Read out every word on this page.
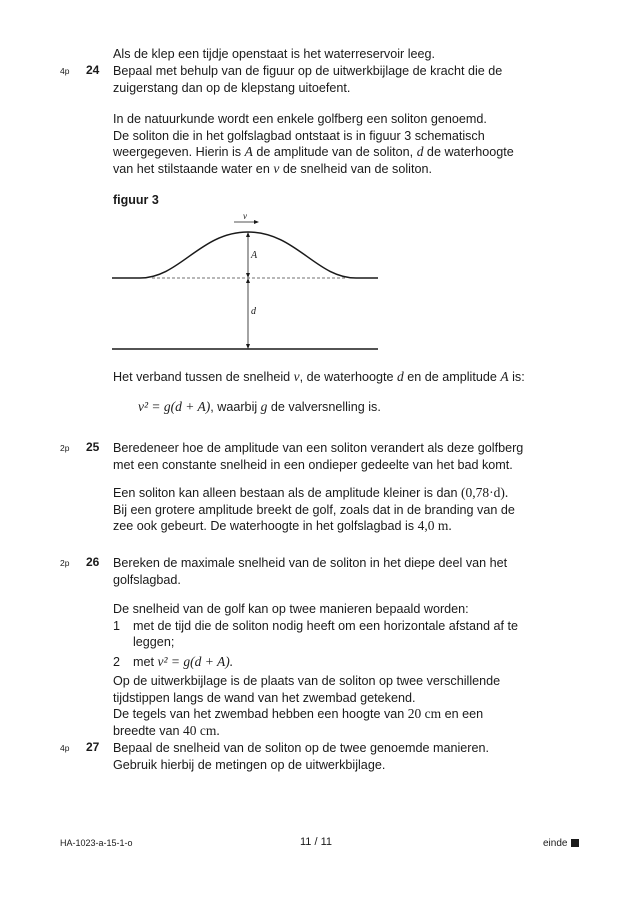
Als de klep een tijdje openstaat is het waterreservoir leeg.
4p 24 Bepaal met behulp van de figuur op de uitwerkbijlage de kracht die de
zuigerstang dan op de klepstang uitoefent.
In de natuurkunde wordt een enkele golfberg een soliton genoemd.
De soliton die in het golfslagbad ontstaat is in figuur 3 schematisch
weergegeven. Hierin is A de amplitude van de soliton, d de waterhoogte
van het stilstaande water en v de snelheid van de soliton.
figuur 3
v
A
d
Het verband tussen de snelheid v, de waterhoogte d en de amplitude A is:
v² = g(d + A), waarbij g de valversnelling is.
2p 25 Beredeneer hoe de amplitude van een soliton verandert als deze golfberg
met een constante snelheid in een ondieper gedeelte van het bad komt.
Een soliton kan alleen bestaan als de amplitude kleiner is dan (0,78·d).
Bij een grotere amplitude breekt de golf, zoals dat in de branding van de
zee ook gebeurt. De waterhoogte in het golfslagbad is 4,0 m.
2p 26 Bereken de maximale snelheid van de soliton in het diepe deel van het
golfslagbad.
De snelheid van de golf kan op twee manieren bepaald worden:
1	met de tijd die de soliton nodig heeft om een horizontale afstand af te
leggen;
2	met v² = g(d + A).
Op de uitwerkbijlage is de plaats van de soliton op twee verschillende
tijdstippen langs de wand van het zwembad getekend.
De tegels van het zwembad hebben een hoogte van 20 cm en een
breedte van 40 cm.
4p 27 Bepaal de snelheid van de soliton op de twee genoemde manieren.
Gebruik hierbij de metingen op de uitwerkbijlage.
HA-1023-a-15-1-o	11 / 11	einde
